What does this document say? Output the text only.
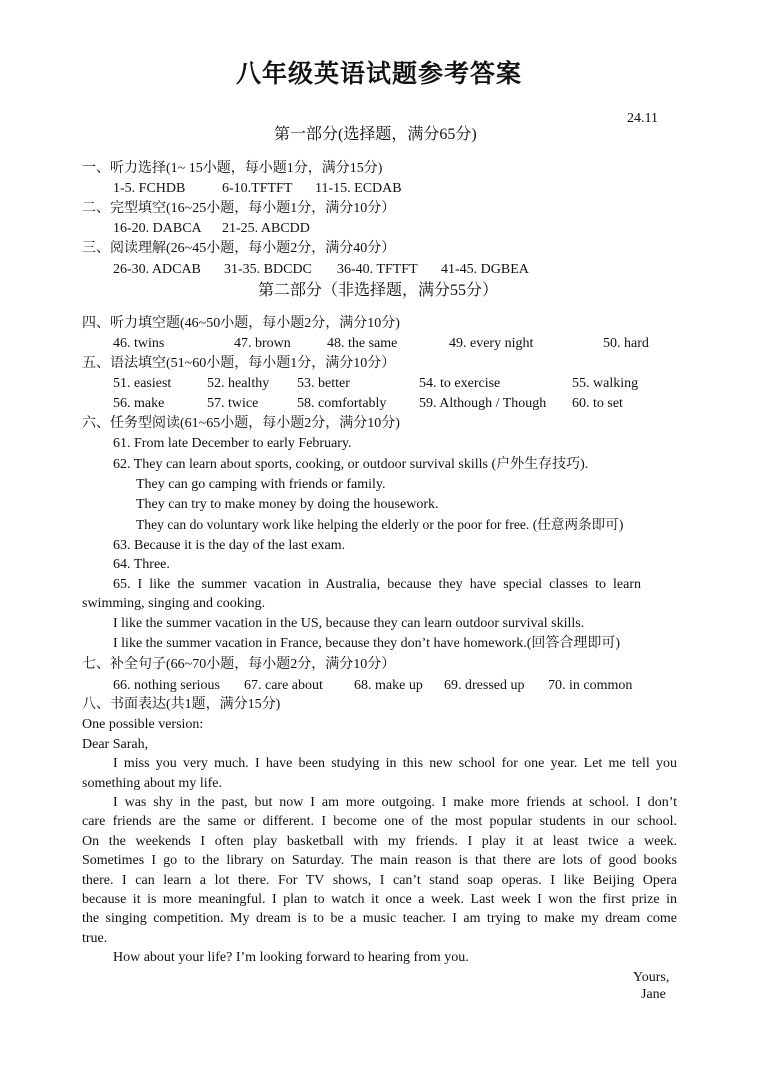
八年级英语试题参考答案
24.11
第一部分(选择题，满分65分)
一、听力选择(1~ 15小题，每小题1分，满分15分)
1-5. FCHDB	6-10.TFTFT 11-15. ECDAB
二、完型填空(16~25小题，每小题1分，满分10分）
16-20. DABCA 21-25. ABCDD
三、阅读理解(26~45小题，每小题2分，满分40分）
26-30. ADCAB 31-35. BDCDC 36-40. TFTFT 41-45. DGBEA
第二部分（非选择题，满分55分）
四、听力填空题(46~50小题，每小题2分，满分10分)
46. twins	47. brown	48. the same	49. every night	50. hard
五、语法填空(51~60小题，每小题1分，满分10分）
51. easiest	52. healthy 53. better	54. to exercise	55. walking
56. make	57. twice	58. comfortably 59. Although / Though 60. to set
六、任务型阅读(61~65小题，每小题2分，满分10分)
61. From late December to early February.
62. They can learn about sports, cooking, or outdoor survival skills (户外生存技巧).
They can go camping with friends or family.
They can try to make money by doing the housework.
They can do voluntary work like helping the elderly or the poor for free. (任意两条即可)
63. Because it is the day of the last exam.
64. Three.
65. I like the summer vacation in Australia, because they have special classes to learn
swimming, singing and cooking.
I like the summer vacation in the US, because they can learn outdoor survival skills.
I like the summer vacation in France, because they don’t have homework.(回答合理即可)
七、补全句子(66~70小题，每小题2分，满分10分）
66. nothing serious 67. care about 68. make up 69. dressed up 70. in common
八、书面表达(共1题，满分15分)
One possible version:
Dear Sarah,
I miss you very much. I have been studying in this new school for one year. Let me tell you
something about my life.
I was shy in the past, but now I am more outgoing. I make more friends at school. I don’t
care friends are the same or different. I become one of the most popular students in our school.
On the weekends I often play basketball with my friends. I play it at least twice a week.
Sometimes I go to the library on Saturday. The main reason is that there are lots of good books
there. I can learn a lot there. For TV shows, I can’t stand soap operas. I like Beijing Opera
because it is more meaningful. I plan to watch it once a week. Last week I won the first prize in
the singing competition. My dream is to be a music teacher. I am trying to make my dream come
true.
How about your life? I’m looking forward to hearing from you.
Yours,
Jane
